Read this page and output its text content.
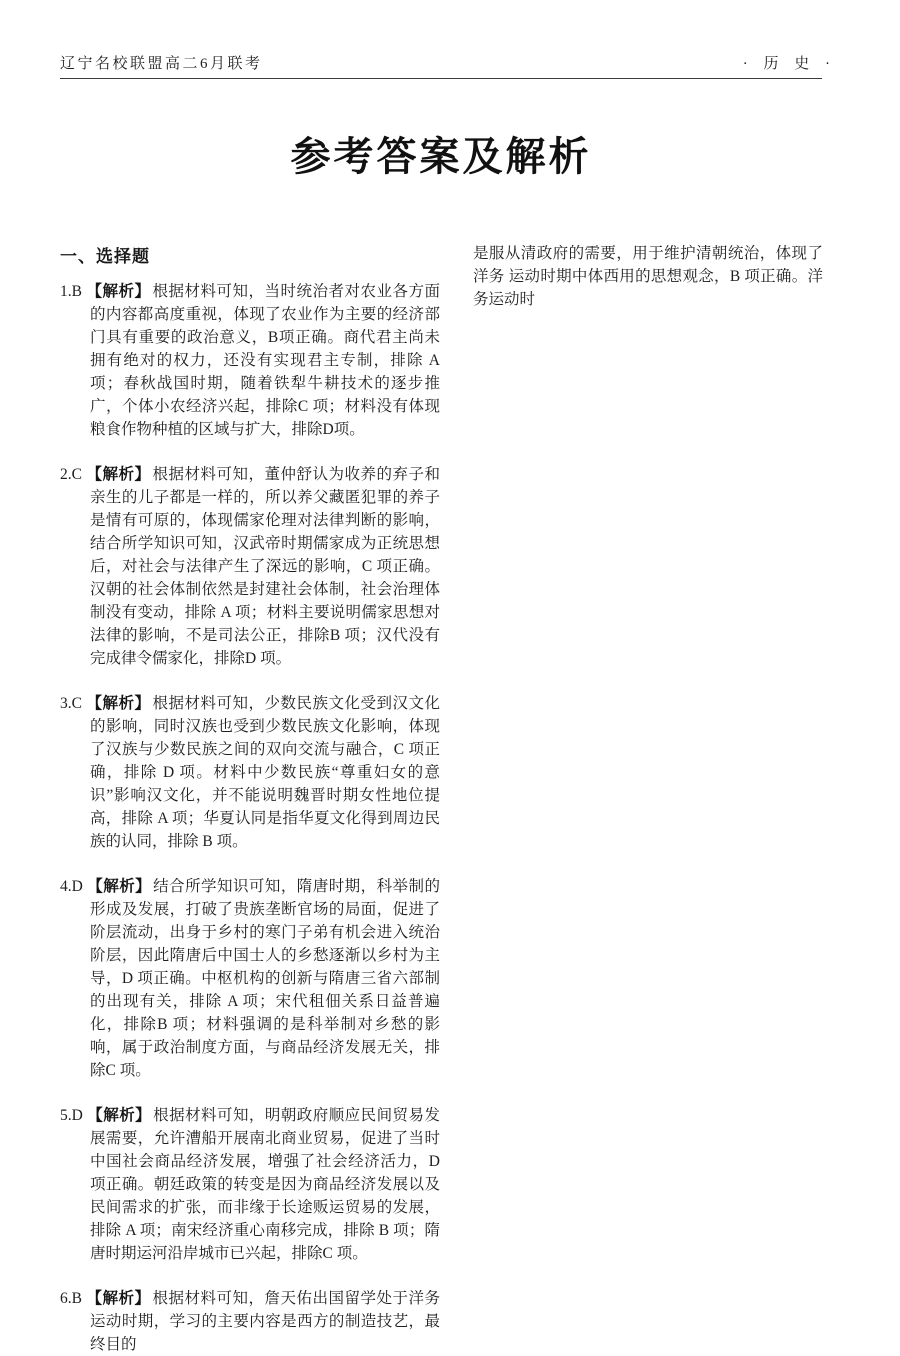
辽宁名校联盟高二6月联考	· 历 史 ·
参考答案及解析
一、选择题

1.B 【解析】 根据材料可知，当时统治者对农业各方面的内容都高度重视，体现了农业作为主要的经济部门具有重要的政治意义，B项正确。商代君主尚未拥有绝对的权力，还没有实现君主专制，排除 A 项；春秋战国时期，随着铁犁牛耕技术的逐步推广，个体小农经济兴起，排除C 项；材料没有体现粮食作物种植的区域与扩大，排除D项。

2.C 【解析】 根据材料可知，董仲舒认为收养的弃子和亲生的儿子都是一样的，所以养父藏匿犯罪的养子是情有可原的，体现儒家伦理对法律判断的影响，结合所学知识可知，汉武帝时期儒家成为正统思想后，对社会与法律产生了深远的影响，C 项正确。汉朝的社会体制依然是封建社会体制，社会治理体制没有变动，排除 A 项；材料主要说明儒家思想对法律的影响，不是司法公正，排除B 项；汉代没有完成律令儒家化，排除D 项。

3.C 【解析】 根据材料可知，少数民族文化受到汉文化的影响，同时汉族也受到少数民族文化影响，体现了汉族与少数民族之间的双向交流与融合，C 项正确，排除 D 项。材料中少数民族“尊重妇女的意识”影响汉文化，并不能说明魏晋时期女性地位提高，排除 A 项；华夏认同是指华夏文化得到周边民族的认同，排除 B 项。

4.D 【解析】 结合所学知识可知，隋唐时期，科举制的形成及发展，打破了贵族垄断官场的局面，促进了阶层流动，出身于乡村的寒门子弟有机会进入统治阶层，因此隋唐后中国士人的乡愁逐渐以乡村为主导，D 项正确。中枢机构的创新与隋唐三省六部制的出现有关，排除 A 项；宋代租佃关系日益普遍化，排除B 项；材料强调的是科举制对乡愁的影响，属于政治制度方面，与商品经济发展无关，排除C 项。

5.D 【解析】 根据材料可知，明朝政府顺应民间贸易发展需要，允许漕船开展南北商业贸易，促进了当时中国社会商品经济发展，增强了社会经济活力，D 项正确。朝廷政策的转变是因为商品经济发展以及民间需求的扩张，而非缘于长途贩运贸易的发展，排除 A 项；南宋经济重心南移完成，排除 B 项；隋唐时期运河沿岸城市已兴起，排除C 项。

6.B 【解析】 根据材料可知，詹天佑出国留学处于洋务运动时期，学习的主要内容是西方的制造技艺，最终目的

是服从清政府的需要，用于维护清朝统治，体现了洋务 运动时期中体西用的思想观念，B 项正确。洋务运动时
